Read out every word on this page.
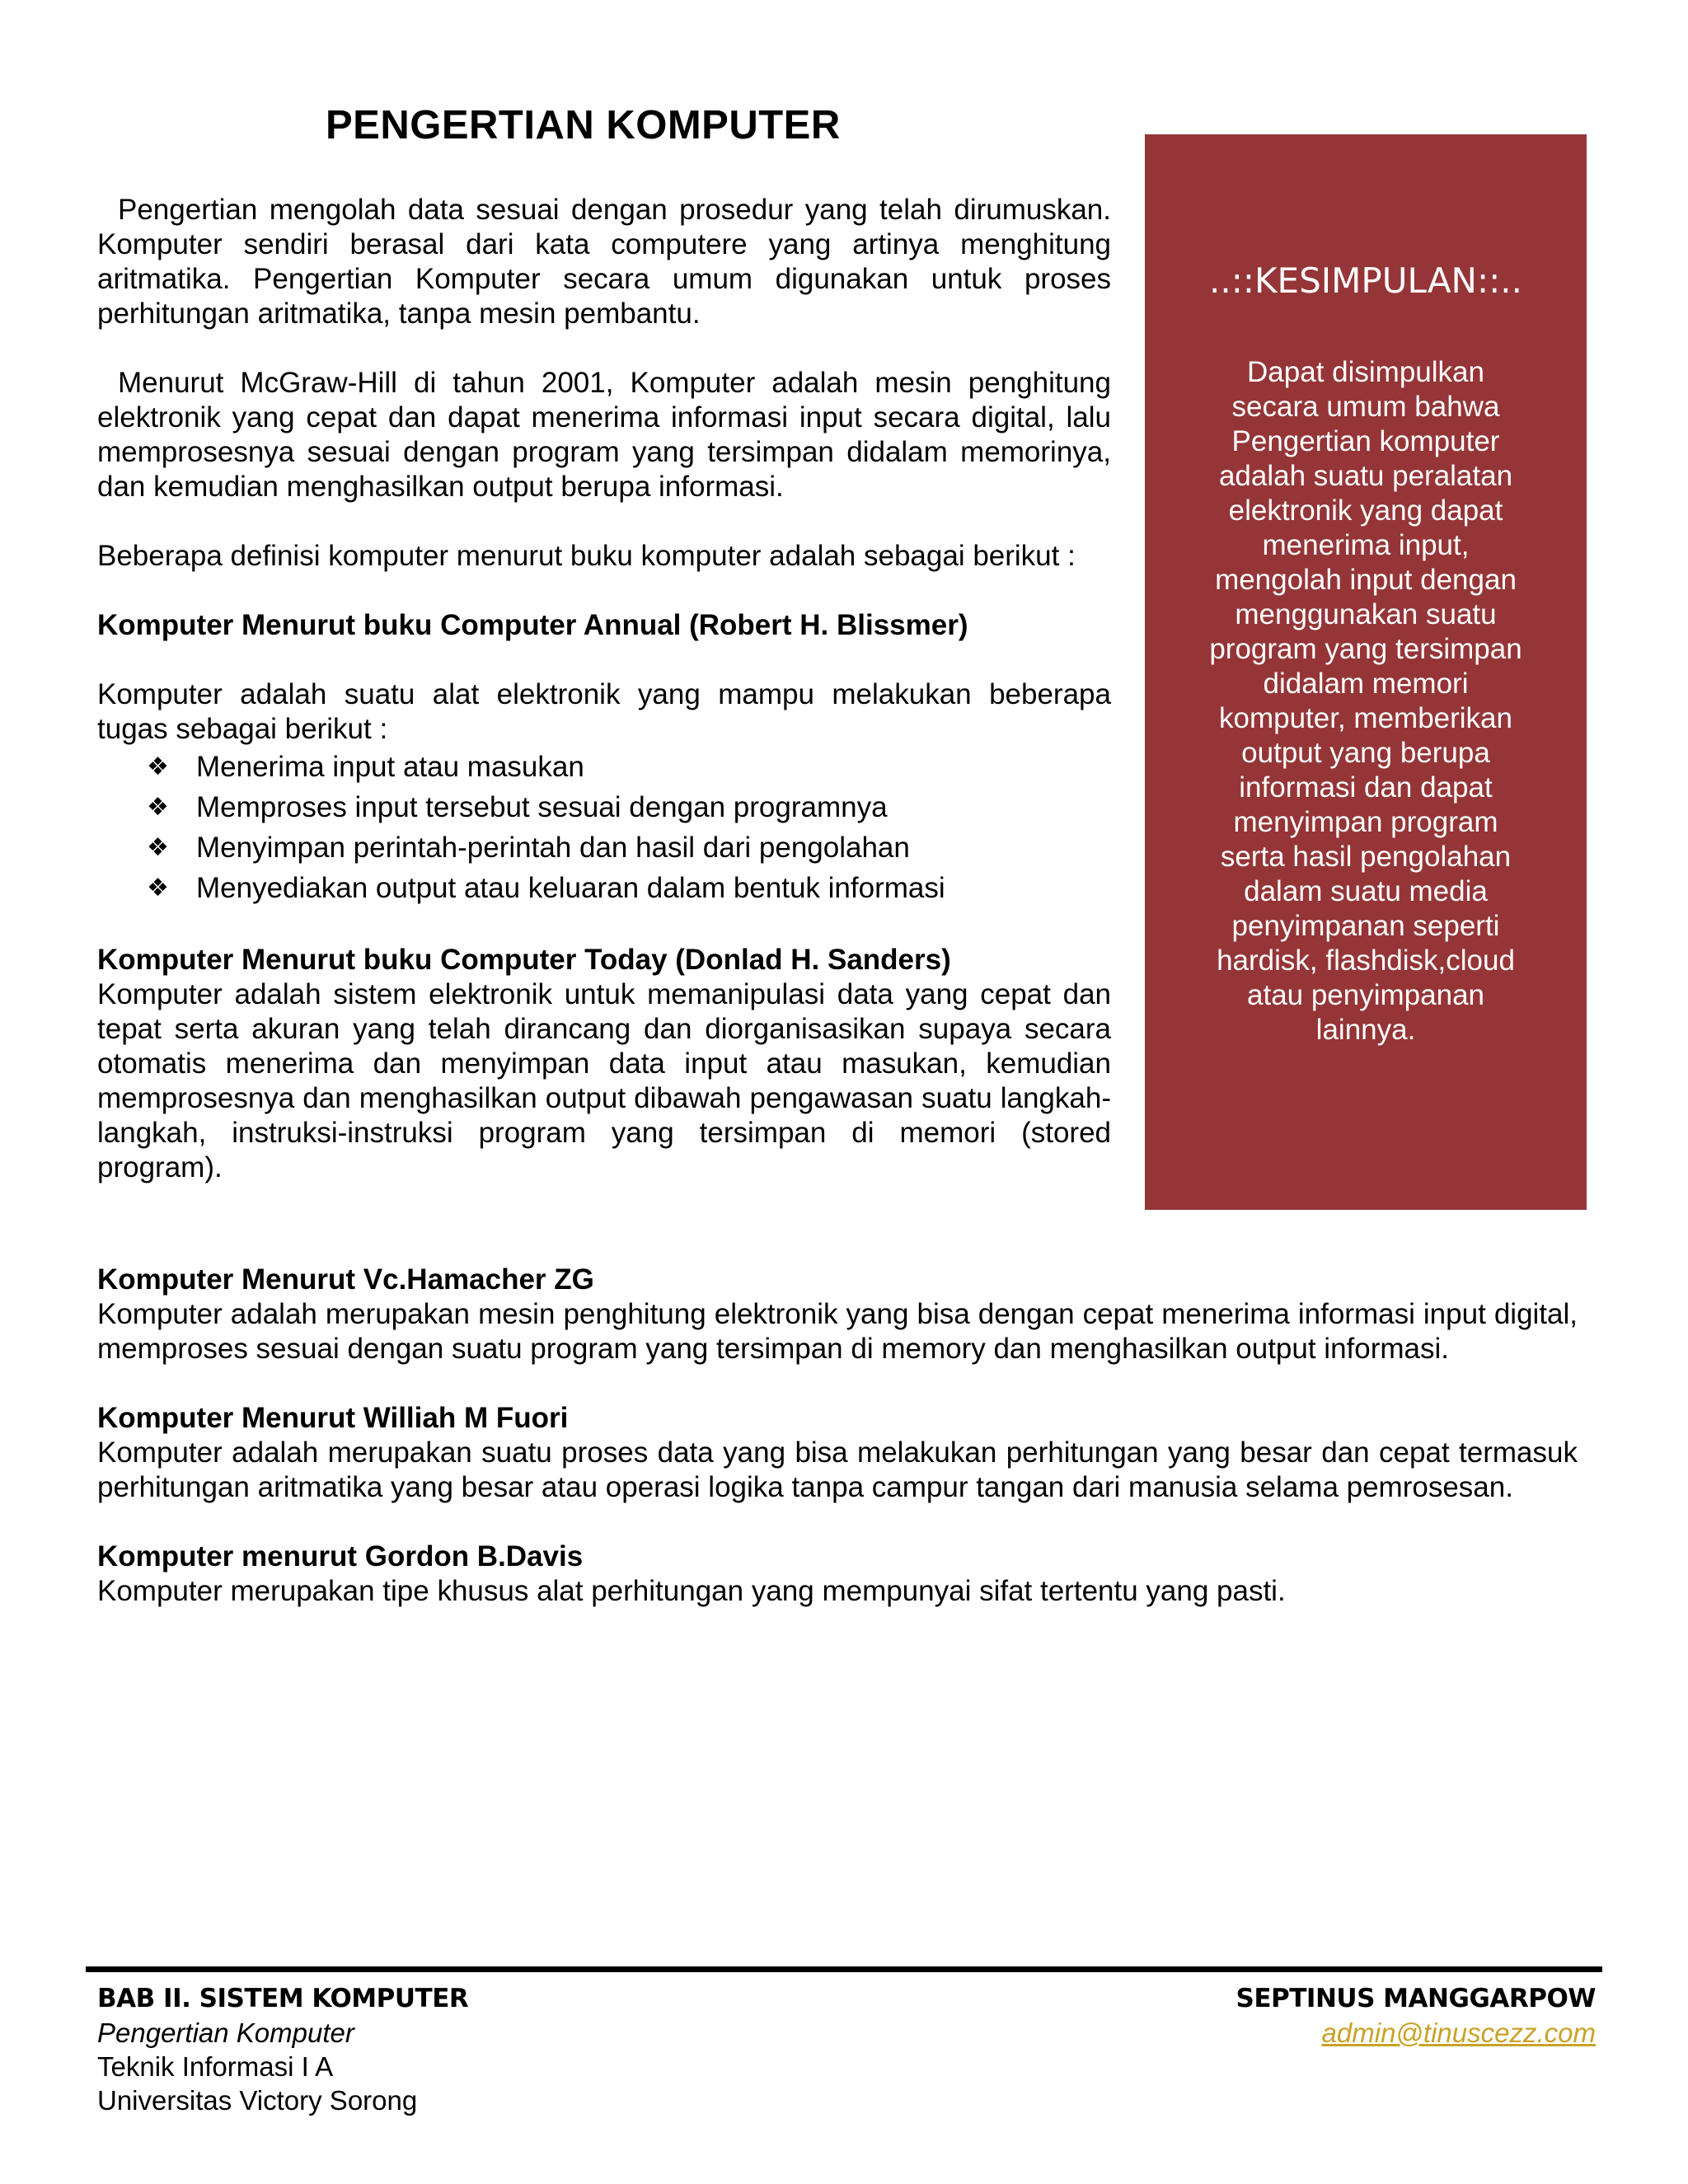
PENGERTIAN KOMPUTER

Pengertian mengolah data sesuai dengan prosedur yang telah dirumuskan. Komputer sendiri berasal dari kata computere yang artinya menghitung aritmatika. Pengertian Komputer secara umum digunakan untuk proses perhitungan aritmatika, tanpa mesin pembantu.

Menurut McGraw-Hill di tahun 2001, Komputer adalah mesin penghitung elektronik yang cepat dan dapat menerima informasi input secara digital, lalu memprosesnya sesuai dengan program yang tersimpan didalam memorinya, dan kemudian menghasilkan output berupa informasi.

Beberapa definisi komputer menurut buku komputer adalah sebagai berikut :

Komputer Menurut buku Computer Annual (Robert H. Blissmer)

Komputer adalah suatu alat elektronik yang mampu melakukan beberapa tugas sebagai berikut :

❖ Menerima input atau masukan
❖ Memproses input tersebut sesuai dengan programnya
❖ Menyimpan perintah-perintah dan hasil dari pengolahan
❖ Menyediakan output atau keluaran dalam bentuk informasi

Komputer Menurut buku Computer Today (Donlad H. Sanders)

Komputer adalah sistem elektronik untuk memanipulasi data yang cepat dan tepat serta akuran yang telah dirancang dan diorganisasikan supaya secara otomatis menerima dan menyimpan data input atau masukan, kemudian memprosesnya dan menghasilkan output dibawah pengawasan suatu langkah-langkah, instruksi-instruksi program yang tersimpan di memori (stored program).

Komputer Menurut Vc.Hamacher ZG

Komputer adalah merupakan mesin penghitung elektronik yang bisa dengan cepat menerima informasi input digital, memproses sesuai dengan suatu program yang tersimpan di memory dan menghasilkan output informasi.

Komputer Menurut Williah M Fuori

Komputer adalah merupakan suatu proses data yang bisa melakukan perhitungan yang besar dan cepat termasuk perhitungan aritmatika yang besar atau operasi logika tanpa campur tangan dari manusia selama pemrosesan.

Komputer menurut Gordon B.Davis

Komputer merupakan tipe khusus alat perhitungan yang mempunyai sifat tertentu yang pasti.

..::KESIMPULAN::..
Dapat disimpulkan secara umum bahwa Pengertian komputer adalah suatu peralatan elektronik yang dapat menerima input, mengolah input dengan menggunakan suatu program yang tersimpan didalam memori komputer, memberikan output yang berupa informasi dan dapat menyimpan program serta hasil pengolahan dalam suatu media penyimpanan seperti hardisk, flashdisk,cloud atau penyimpanan lainnya.
BAB II. SISTEM KOMPUTER
Pengertian Komputer
Teknik Informasi I A
Universitas Victory Sorong
SEPTINUS MANGGARPOW
admin@tinuscezz.com
